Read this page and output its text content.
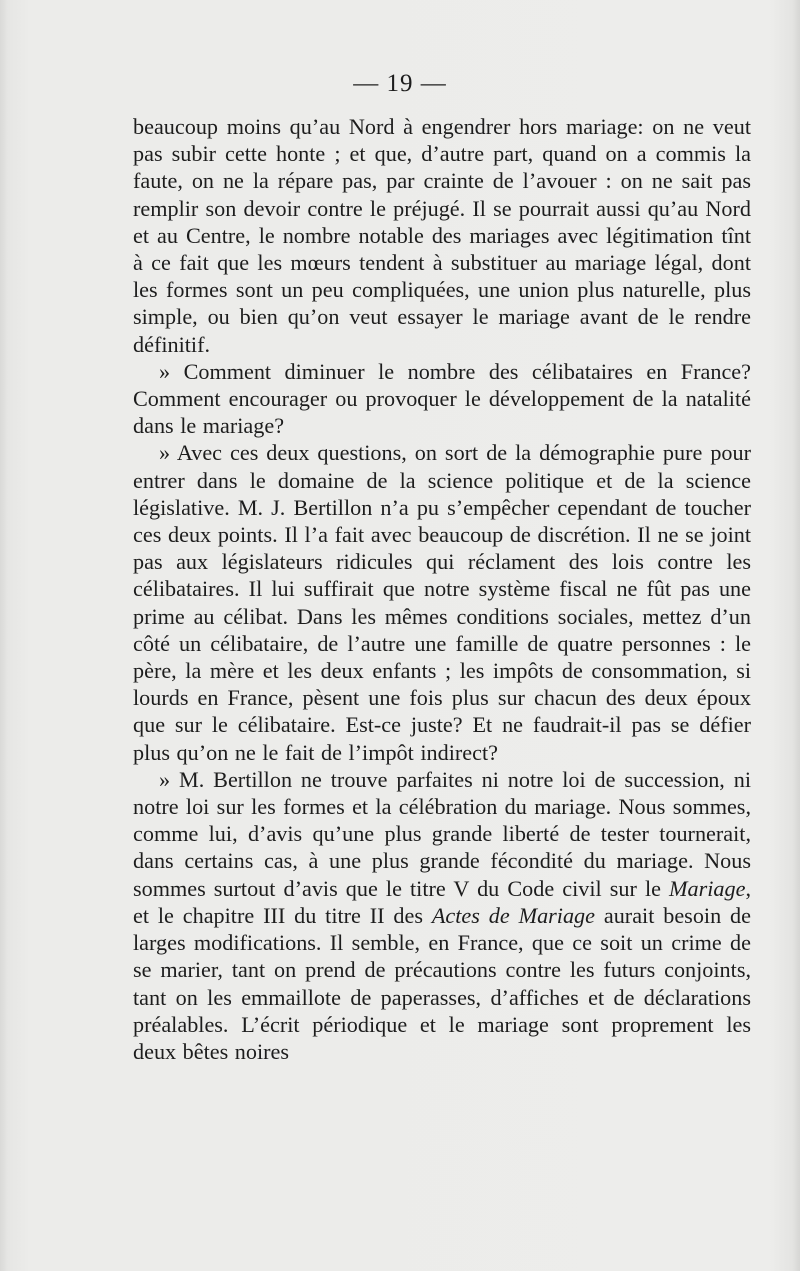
— 19 —

beaucoup moins qu’au Nord à engendrer hors mariage: on ne veut pas subir cette honte ; et que, d’autre part, quand on a commis la faute, on ne la répare pas, par crainte de l’avouer : on ne sait pas remplir son devoir contre le préjugé. Il se pourrait aussi qu’au Nord et au Centre, le nombre notable des mariages avec légitimation tînt à ce fait que les mœurs tendent à substituer au mariage légal, dont les formes sont un peu compliquées, une union plus naturelle, plus simple, ou bien qu’on veut essayer le mariage avant de le rendre définitif.

» Comment diminuer le nombre des célibataires en France? Comment encourager ou provoquer le développement de la natalité dans le mariage?

» Avec ces deux questions, on sort de la démographie pure pour entrer dans le domaine de la science politique et de la science législative. M. J. Bertillon n’a pu s’empêcher cependant de toucher ces deux points. Il l’a fait avec beaucoup de discrétion. Il ne se joint pas aux législateurs ridicules qui réclament des lois contre les célibataires. Il lui suffirait que notre système fiscal ne fût pas une prime au célibat. Dans les mêmes conditions sociales, mettez d’un côté un célibataire, de l’autre une famille de quatre personnes : le père, la mère et les deux enfants ; les impôts de consommation, si lourds en France, pèsent une fois plus sur chacun des deux époux que sur le célibataire. Est-ce juste? Et ne faudrait-il pas se défier plus qu’on ne le fait de l’impôt indirect?

» M. Bertillon ne trouve parfaites ni notre loi de succession, ni notre loi sur les formes et la célébration du mariage. Nous sommes, comme lui, d’avis qu’une plus grande liberté de tester tournerait, dans certains cas, à une plus grande fécondité du mariage. Nous sommes surtout d’avis que le titre V du Code civil sur le Mariage, et le chapitre III du titre II des Actes de Mariage aurait besoin de larges modifications. Il semble, en France, que ce soit un crime de se marier, tant on prend de précautions contre les futurs conjoints, tant on les emmaillote de paperasses, d’affiches et de déclarations préalables. L’écrit périodique et le mariage sont proprement les deux bêtes noires
